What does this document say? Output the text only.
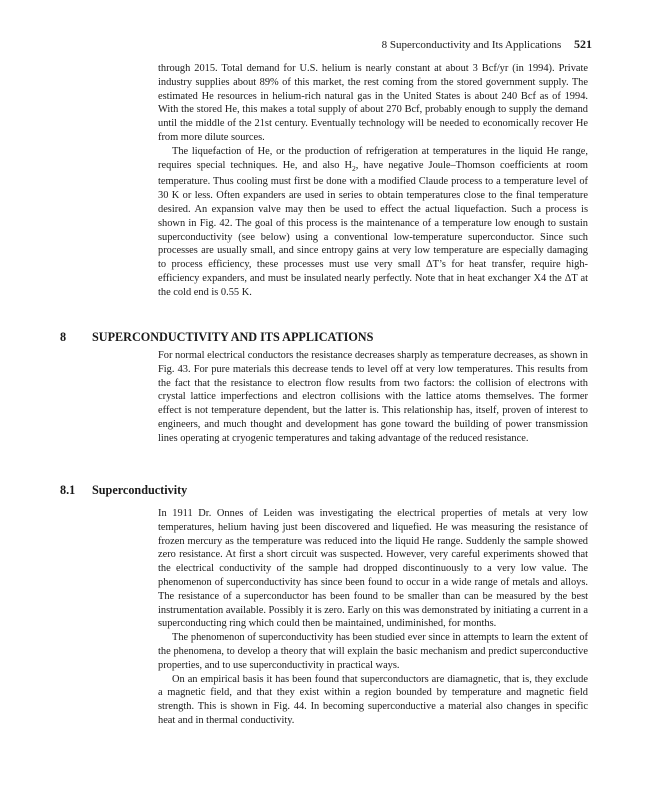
8 Superconductivity and Its Applications 521

through 2015. Total demand for U.S. helium is nearly constant at about 3 Bcf/yr (in 1994). Private industry supplies about 89% of this market, the rest coming from the stored government supply. The estimated He resources in helium-rich natural gas in the United States is about 240 Bcf as of 1994. With the stored He, this makes a total supply of about 270 Bcf, probably enough to supply the demand until the middle of the 21st century. Eventually technology will be needed to economically recover He from more dilute sources.

The liquefaction of He, or the production of refrigeration at temperatures in the liquid He range, requires special techniques. He, and also $H_2$, have negative Joule–Thomson coefficients at room temperature. Thus cooling must first be done with a modified Claude process to a temperature level of 30 K or less. Often expanders are used in series to obtain temperatures close to the final temperature desired. An expansion valve may then be used to effect the actual liquefaction. Such a process is shown in Fig. 42. The goal of this process is the maintenance of a temperature low enough to sustain superconductivity (see below) using a conventional low-temperature superconductor. Since such processes are usually small, and since entropy gains at very low temperature are especially damaging to process efficiency, these processes must use very small ΔT’s for heat transfer, require high-efficiency expanders, and must be insulated nearly perfectly. Note that in heat exchanger X4 the ΔT at the cold end is 0.55 K.

8 SUPERCONDUCTIVITY AND ITS APPLICATIONS

For normal electrical conductors the resistance decreases sharply as temperature decreases, as shown in Fig. 43. For pure materials this decrease tends to level off at very low temperatures. This results from the fact that the resistance to electron flow results from two factors: the collision of electrons with crystal lattice imperfections and electron collisions with the lattice atoms themselves. The former effect is not temperature dependent, but the latter is. This relationship has, itself, proven of interest to engineers, and much thought and development has gone toward the building of power transmission lines operating at cryogenic temperatures and taking advantage of the reduced resistance.

8.1 Superconductivity

In 1911 Dr. Onnes of Leiden was investigating the electrical properties of metals at very low temperatures, helium having just been discovered and liquefied. He was measuring the resistance of frozen mercury as the temperature was reduced into the liquid He range. Suddenly the sample showed zero resistance. At first a short circuit was suspected. However, very careful experiments showed that the electrical conductivity of the sample had dropped discontinuously to a very low value. The phenomenon of superconductivity has since been found to occur in a wide range of metals and alloys. The resistance of a superconductor has been found to be smaller than can be measured by the best instrumentation available. Possibly it is zero. Early on this was demonstrated by initiating a current in a superconducting ring which could then be maintained, undiminished, for months.

The phenomenon of superconductivity has been studied ever since in attempts to learn the extent of the phenomena, to develop a theory that will explain the basic mechanism and predict superconductive properties, and to use superconductivity in practical ways.

On an empirical basis it has been found that superconductors are diamagnetic, that is, they exclude a magnetic field, and that they exist within a region bounded by temperature and magnetic field strength. This is shown in Fig. 44. In becoming superconductive a material also changes in specific heat and in thermal conductivity.
